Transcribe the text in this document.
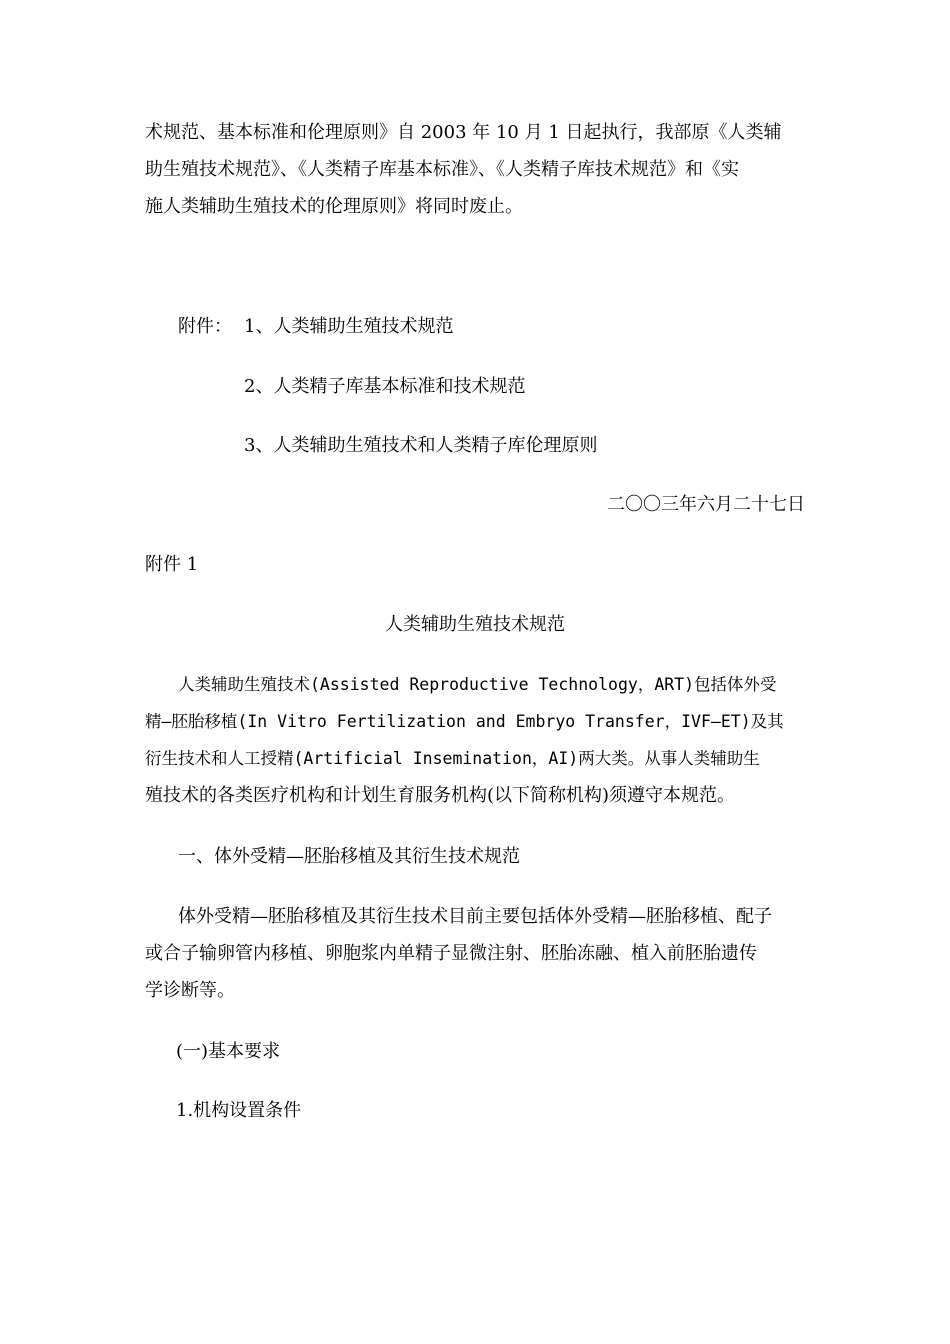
术规范、基本标准和伦理原则》自 2003 年 10 月 1 日起执行，我部原《人类辅
助生殖技术规范》、《人类精子库基本标准》、《人类精子库技术规范》和《实
施人类辅助生殖技术的伦理原则》将同时废止。
附件： 1、人类辅助生殖技术规范
2、人类精子库基本标准和技术规范
3、人类辅助生殖技术和人类精子库伦理原则
二〇〇三年六月二十七日
附件 1
人类辅助生殖技术规范
人类辅助生殖技术(Assisted Reproductive Technology，ART)包括体外受
精—胚胎移植(In Vitro Fertilization and Embryo Transfer，IVF—ET)及其
衍生技术和人工授精(Artificial Insemination，AI)两大类。从事人类辅助生
殖技术的各类医疗机构和计划生育服务机构(以下简称机构)须遵守本规范。
一、体外受精—胚胎移植及其衍生技术规范
体外受精—胚胎移植及其衍生技术目前主要包括体外受精—胚胎移植、配子
或合子输卵管内移植、卵胞浆内单精子显微注射、胚胎冻融、植入前胚胎遗传
学诊断等。
(一)基本要求
1.机构设置条件
